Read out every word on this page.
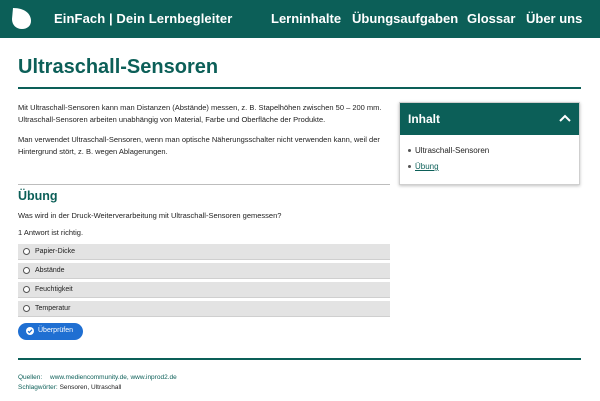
EinFach | Dein Lernbegleiter	Lerninhalte Übungsaufgaben Glossar Über uns
Ultraschall-Sensoren
Mit Ultraschall-Sensoren kann man Distanzen (Abstände) messen, z. B. Stapelhöhen zwischen 50 – 200 mm. Ultraschall-Sensoren arbeiten unabhängig von Material, Farbe und Oberfläche der Produkte.
Man verwendet Ultraschall-Sensoren, wenn man optische Näherungsschalter nicht verwenden kann, weil der Hintergrund stört, z. B. wegen Ablagerungen.
Inhalt
Ultraschall-Sensoren
Übung
Übung
Was wird in der Druck-Weiterverarbeitung mit Ultraschall-Sensoren gemessen?
1 Antwort ist richtig.
Papier-Dicke
Abstände
Feuchtigkeit
Temperatur
Überprüfen
Quellen: www.mediencommunity.de, www.inprod2.de
Schlagwörter: Sensoren, Ultraschall
